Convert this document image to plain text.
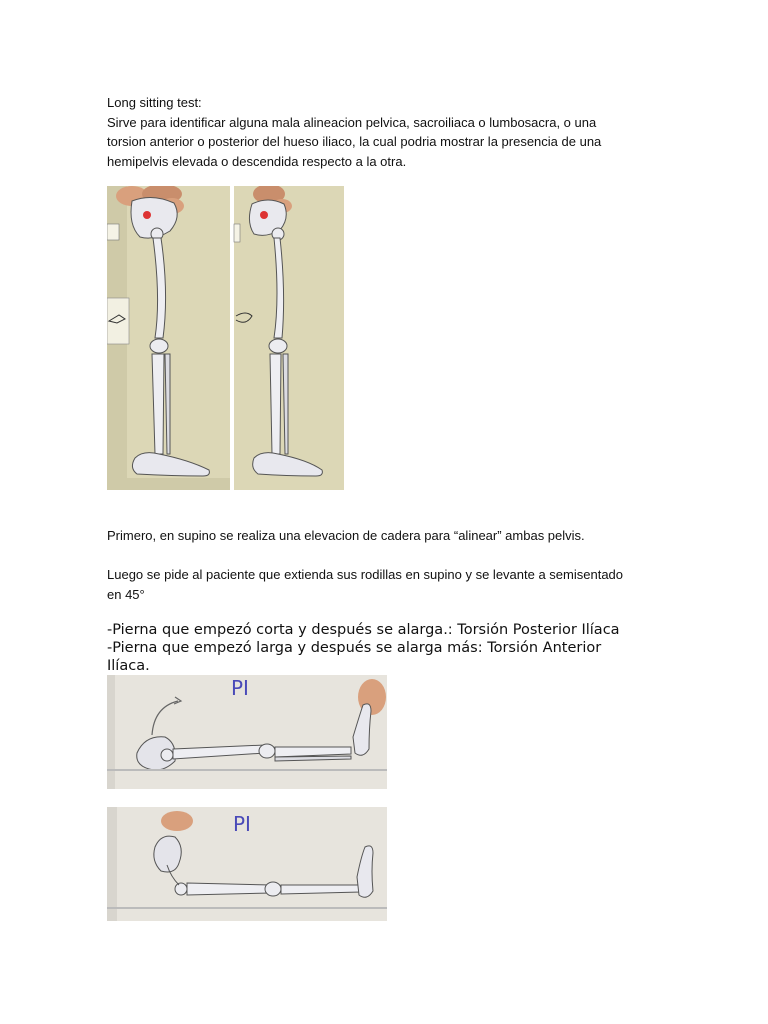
Long sitting test:
Sirve para identificar alguna mala alineacion pelvica, sacroiliaca o lumbosacra, o una
torsion anterior o posterior del hueso iliaco, la cual podria mostrar la presencia de una
hemipelvis elevada o descendida respecto a la otra.
Primero, en supino se realiza una elevacion de cadera para “alinear” ambas pelvis.
Luego se pide al paciente que extienda sus rodillas en supino y se levante a semisentado
en 45°
-Pierna que empezó corta y después se alarga.: Torsión Posterior Ilíaca
-Pierna que empezó larga y después se alarga más: Torsión Anterior
Ilíaca.
PI
PI
